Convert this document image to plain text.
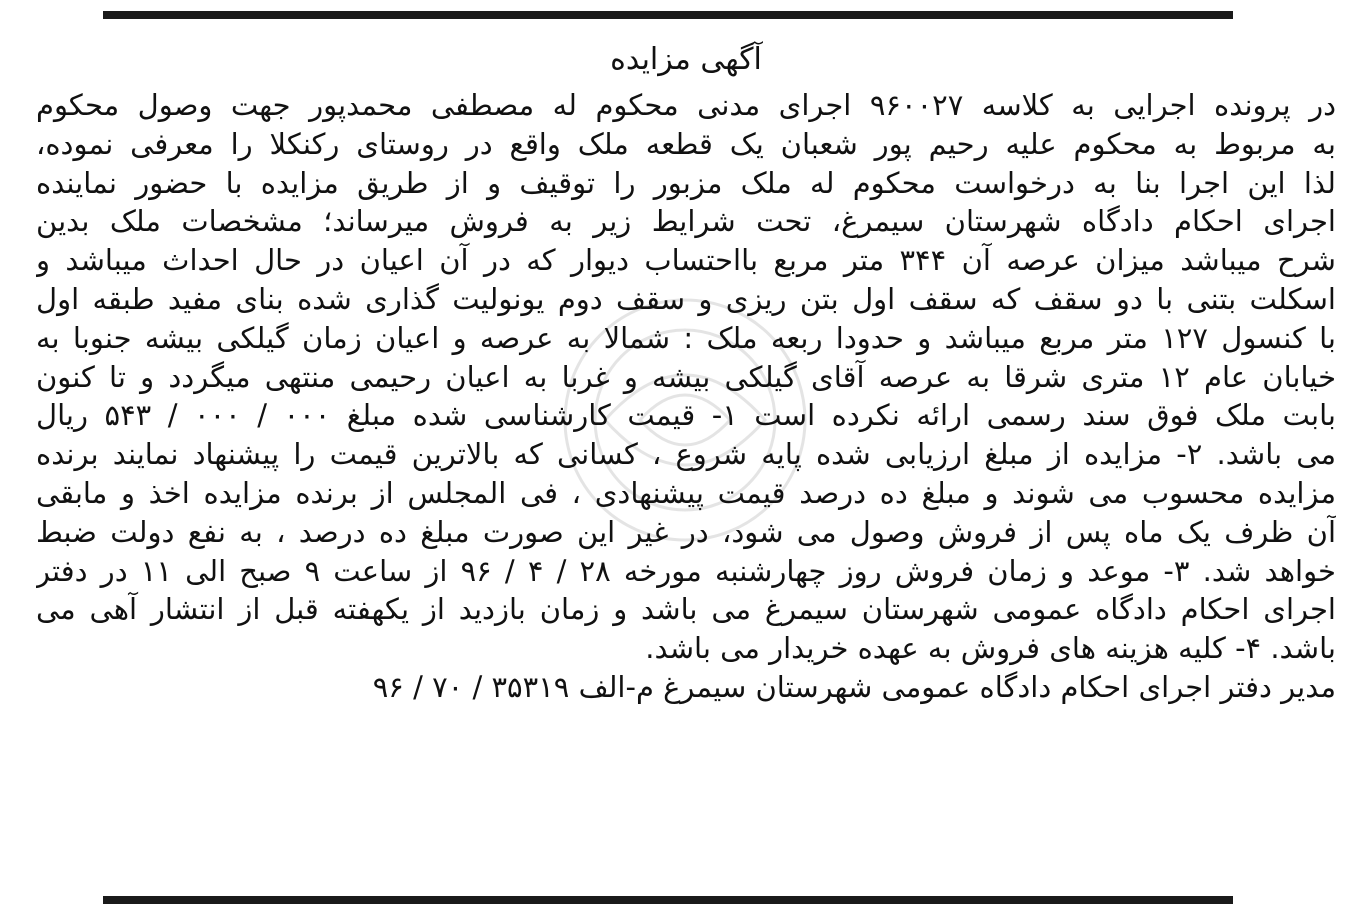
آگهی مزایده
در پرونده اجرایی به کلاسه ۹۶۰۰۲۷ اجرای مدنی محکوم له مصطفی محمدپور جهت وصول محکوم
به مربوط به محکوم علیه رحیم پور شعبان یک قطعه ملک واقع در روستای رکنکلا را معرفی نموده،
لذا این اجرا بنا به درخواست محکوم له ملک مزبور را توقیف و از طریق مزایده با حضور نماینده
اجرای احکام دادگاه شهرستان سیمرغ، تحت شرایط زیر به فروش میرساند؛ مشخصات ملک بدین
شرح میباشد میزان عرصه آن ۳۴۴ متر مربع بااحتساب دیوار که در آن اعیان در حال احداث میباشد و
اسکلت بتنی با دو سقف که سقف اول بتن ریزی و سقف دوم یونولیت گذاری شده بنای مفید طبقه اول
با کنسول ۱۲۷ متر مربع میباشد و حدودا ربعه ملک : شمالا به عرصه و اعیان زمان گیلکی بیشه جنوبا به
خیابان عام ۱۲ متری شرقا به عرصه آقای گیلکی بیشه و غربا به اعیان رحیمی منتهی میگردد و تا کنون
بابت ملک فوق سند رسمی ارائه نکرده است ۱- قیمت کارشناسی شده مبلغ ۰۰۰ / ۰۰۰ / ۵۴۳ ریال
می باشد. ۲- مزایده از مبلغ ارزیابی شده پایه شروع ، کسانی که بالاترین قیمت را پیشنهاد نمایند برنده
مزایده محسوب می شوند و مبلغ ده درصد قیمت پیشنهادی ، فی المجلس از برنده مزایده اخذ و مابقی
آن ظرف یک ماه پس از فروش وصول می شود، در غیر این صورت مبلغ ده درصد ، به نفع دولت ضبط
خواهد شد. ۳- موعد و زمان فروش روز چهارشنبه مورخه ۲۸ / ۴ / ۹۶ از ساعت ۹ صبح الی ۱۱ در دفتر
اجرای احکام دادگاه عمومی شهرستان سیمرغ می باشد و زمان بازدید از یکهفته قبل از انتشار آهی می
باشد. ۴- کلیه هزینه های فروش به عهده خریدار می باشد.
مدیر دفتر اجرای احکام دادگاه عمومی شهرستان سیمرغ م-الف ۳۵۳۱۹ / ۷۰ / ۹۶
